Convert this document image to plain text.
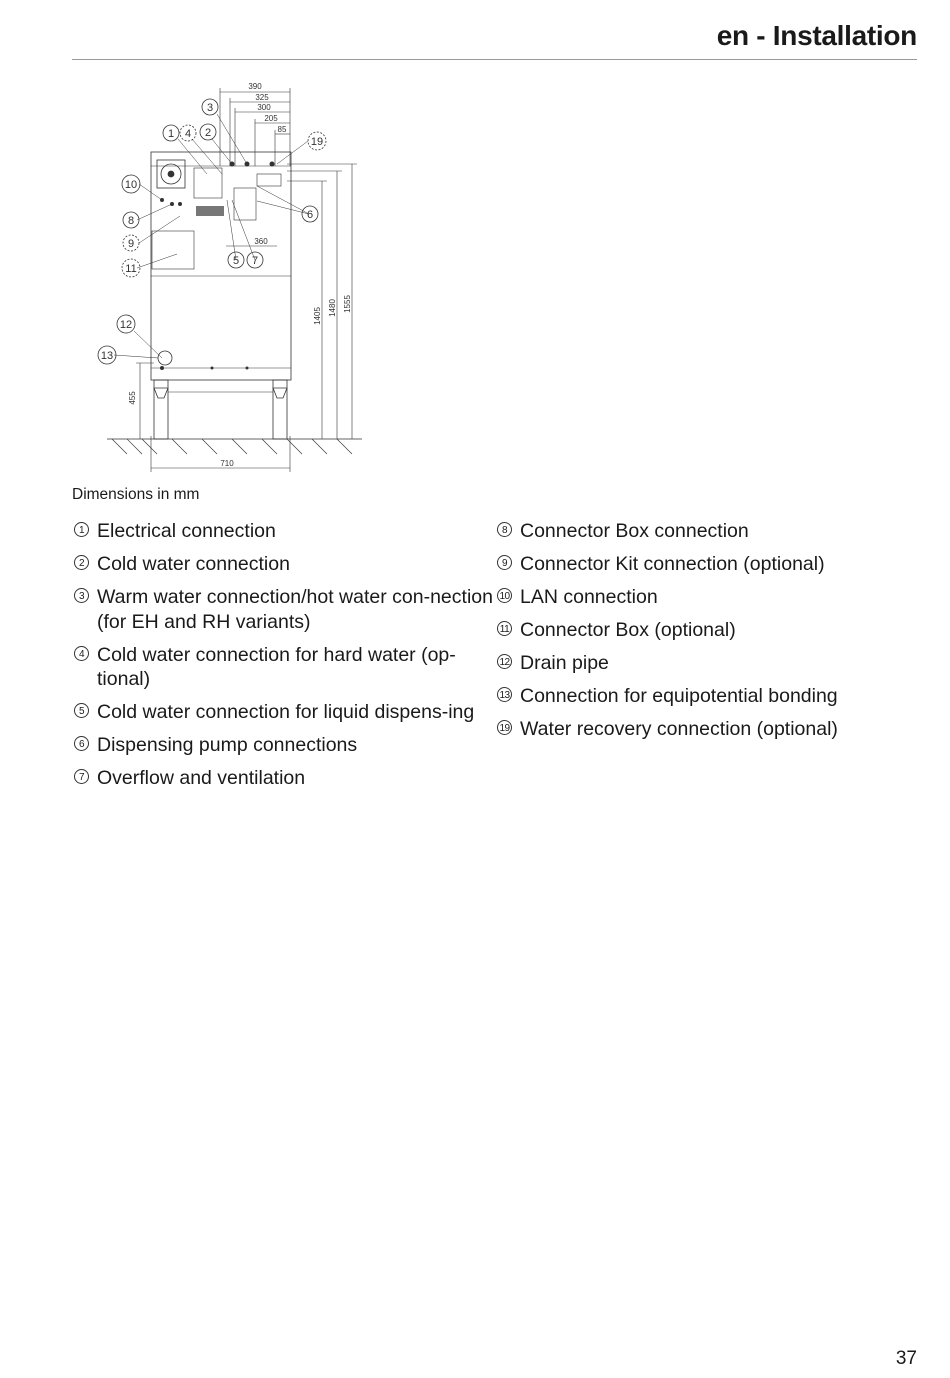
en - Installation
390
325
300
205
85
360
710
1405 1480 1555
455
1 4 2
3
19
10
6
8
9
5 7
11
12
13
Dimensions in mm
1 Electrical connection
2 Cold water connection
3 Warm water connection/hot water con-nection (for EH and RH variants)
4 Cold water connection for hard water (op-tional)
5 Cold water connection for liquid dispens-ing
6 Dispensing pump connections
7 Overflow and ventilation
8 Connector Box connection
9 Connector Kit connection (optional)
10 LAN connection
11 Connector Box (optional)
12 Drain pipe
13 Connection for equipotential bonding
19 Water recovery connection (optional)
37
